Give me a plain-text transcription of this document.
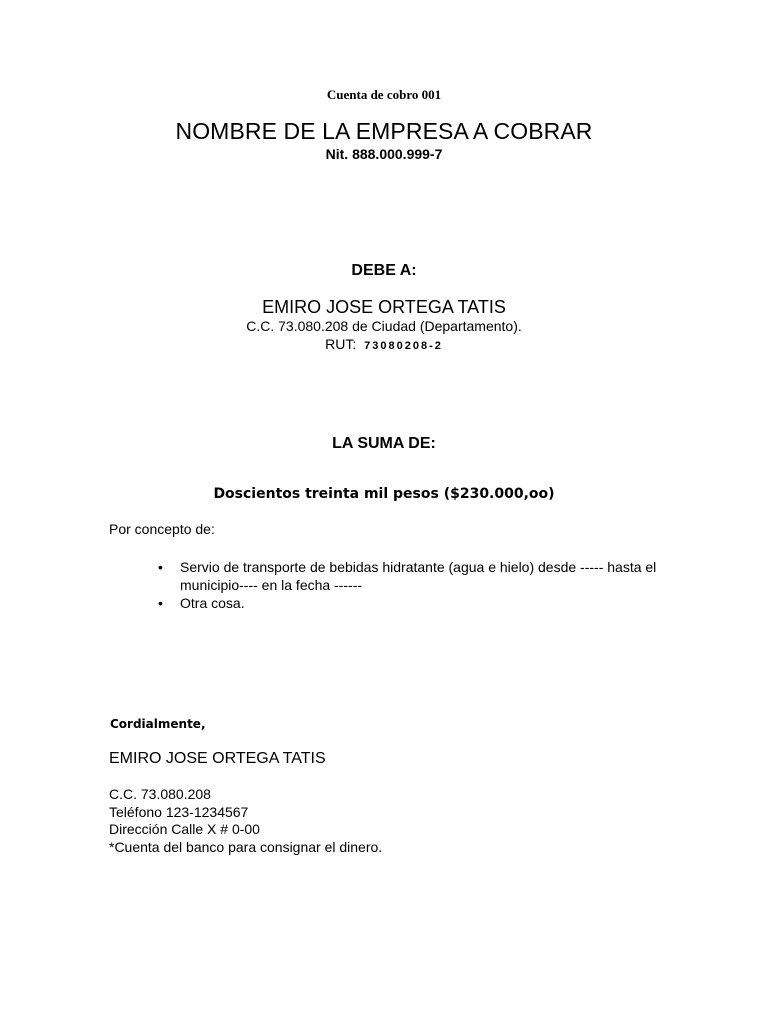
Cuenta de cobro 001
NOMBRE DE LA EMPRESA A COBRAR
Nit. 888.000.999-7
DEBE A:
EMIRO JOSE ORTEGA TATIS
C.C. 73.080.208 de Ciudad (Departamento).
RUT: 73080208-2
LA SUMA DE:
Doscientos treinta mil pesos ($230.000,oo)
Por concepto de:
• Servio de transporte de bebidas hidratante (agua e hielo) desde ----- hasta el municipio---- en la fecha ------
• Otra cosa.
Cordialmente,
EMIRO JOSE ORTEGA TATIS
C.C. 73.080.208
Teléfono 123-1234567
Dirección Calle X # 0-00
*Cuenta del banco para consignar el dinero.
